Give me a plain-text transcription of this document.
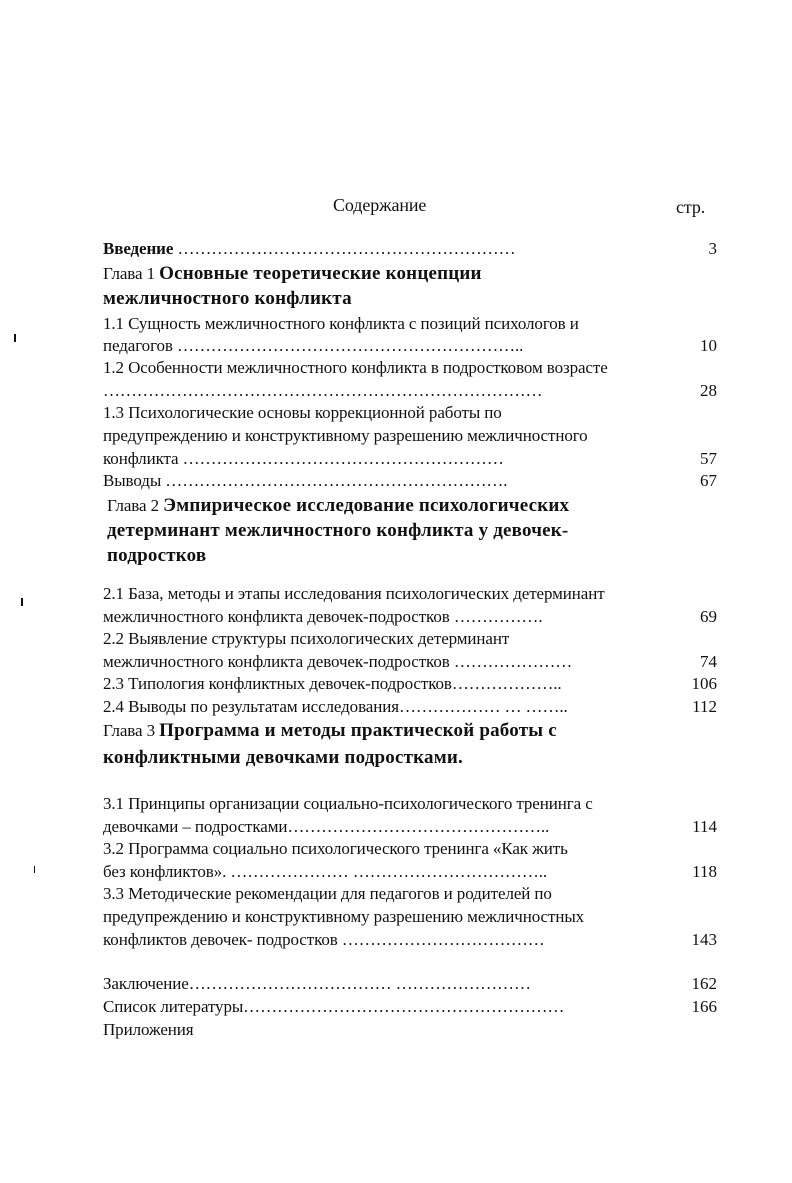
Содержание	стр.
Введение ……………………………………………………	3
Глава 1 Основные теоретические концепции
межличностного конфликта
1.1 Сущность межличностного конфликта с позиций психологов и
педагогов ……………………………………………………..	10
1.2 Особенности межличностного конфликта в подростковом возрасте
……………………………………………………………………	28
1.3 Психологические основы коррекционной работы по
предупреждению и конструктивному разрешению межличностного
конфликта …………………………………………………	57
Выводы …………………………………………………….	67
Глава 2 Эмпирическое исследование психологических
детерминант межличностного конфликта у девочек-
подростков
2.1 База, методы и этапы исследования психологических детерминант
межличностного конфликта девочек-подростков …………….	69
2.2 Выявление структуры психологических детерминант
межличностного конфликта девочек-подростков …………………	74
2.3 Типология конфликтных девочек-подростков………………..	106
2.4 Выводы по результатам исследования……………… … ……..	112
Глава 3 Программа и методы практической работы с
конфликтными девочками подростками.
3.1 Принципы организации социально-психологического тренинга с
девочками – подростками………………………………………..	114
3.2 Программа социально психологического тренинга «Как жить
без конфликтов». ………………… ……………………………..	118
3.3 Методические рекомендации для педагогов и родителей по
предупреждению и конструктивному разрешению межличностных
конфликтов девочек- подростков ………………………………	143
Заключение……………………………… ……………………	162
Список литературы…………………………………………………	166
Приложения
